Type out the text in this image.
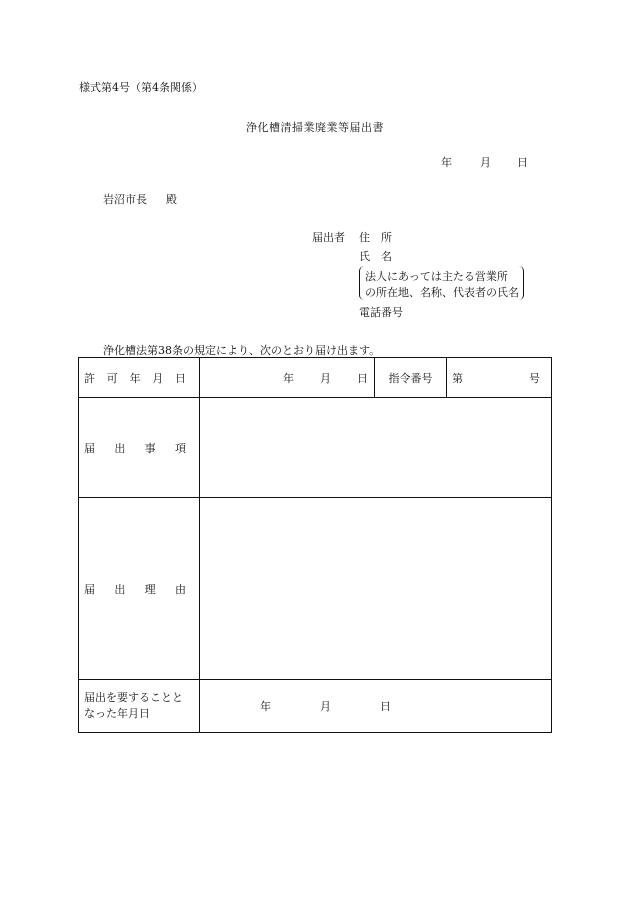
様式第4号（第4条関係）
浄化槽清掃業廃業等届出書
年	月 日
岩沼市長 殿
届出者 住　所
氏　名
法人にあっては主たる営業所
の所在地、名称、代表者の氏名
電話番号
浄化槽法第38条の規定により、次のとおり届け出ます。
許 可 年 月 日	年 月 日	指令番号	第 号

届 出 事 項			

届 出 理 由			

届出を要することと
なった年月日	年 月 日		
